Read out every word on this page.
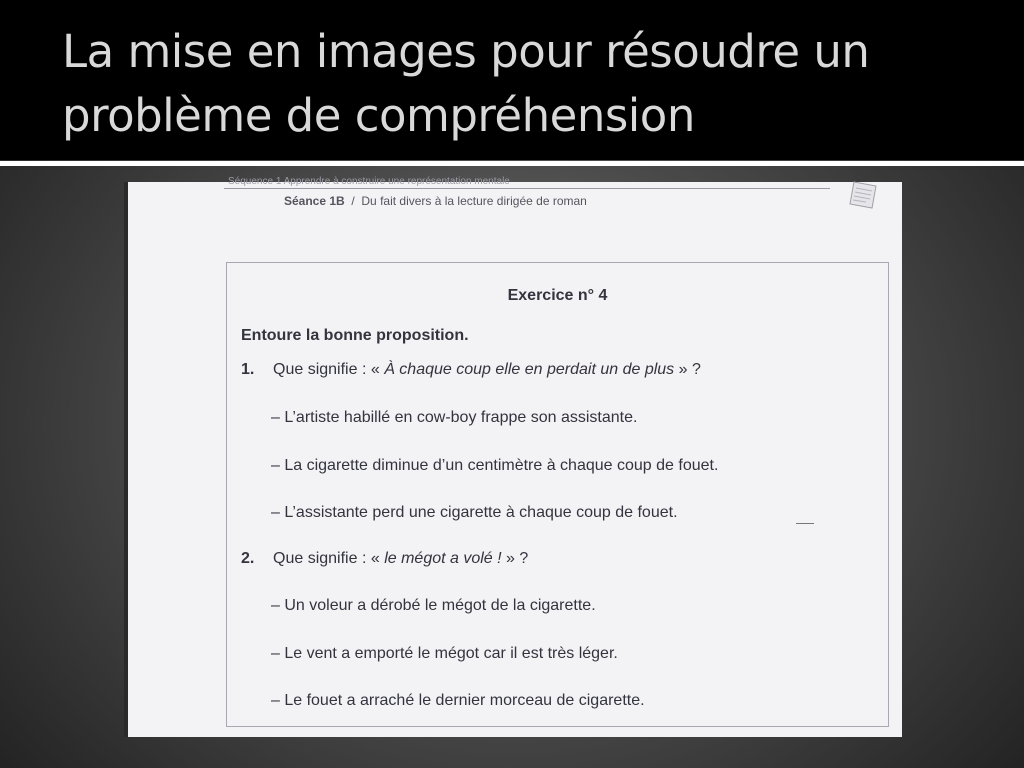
La mise en images pour résoudre un problème de compréhension
Séquence 1 Apprendre à construire une représentation mentale
Séance 1B / Du fait divers à la lecture dirigée de roman
Exercice n° 4
Entoure la bonne proposition.
1. Que signifie : « À chaque coup elle en perdait un de plus » ?
– L’artiste habillé en cow-boy frappe son assistante.
– La cigarette diminue d’un centimètre à chaque coup de fouet.
– L’assistante perd une cigarette à chaque coup de fouet.
2. Que signifie : « le mégot a volé ! » ?
– Un voleur a dérobé le mégot de la cigarette.
– Le vent a emporté le mégot car il est très léger.
– Le fouet a arraché le dernier morceau de cigarette.
